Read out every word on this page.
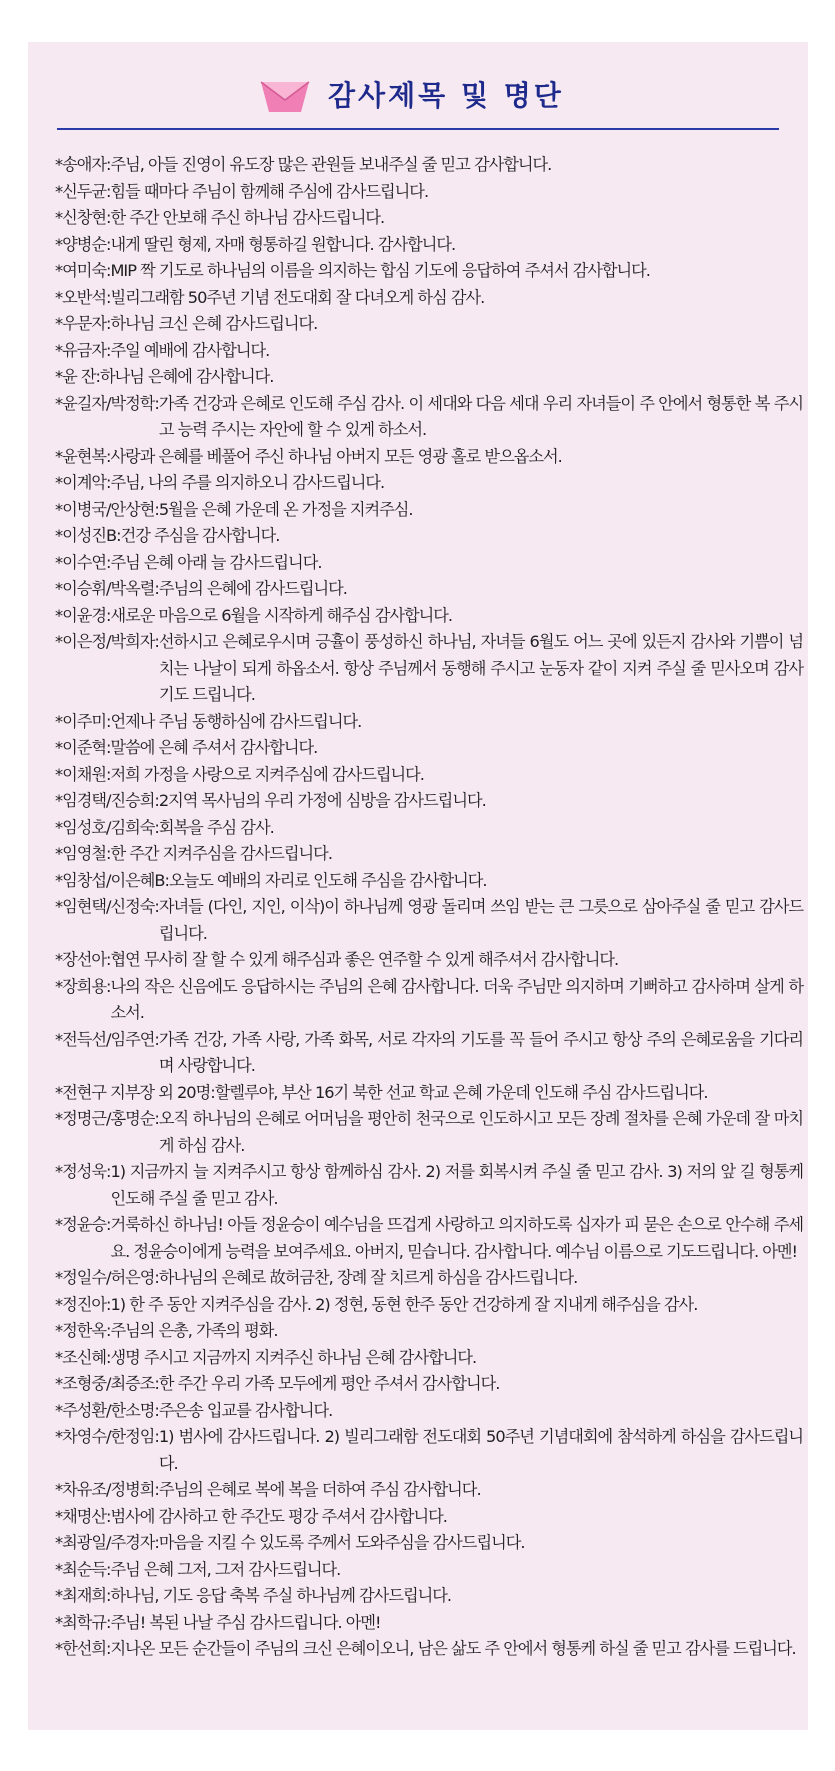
감사제목 및 명단
*송애자: 주님, 아들 진영이 유도장 많은 관원들 보내주실 줄 믿고 감사합니다.
*신두균: 힘들 때마다 주님이 함께해 주심에 감사드립니다.
*신창현: 한 주간 안보해 주신 하나님 감사드립니다.
*양병순: 내게 딸린 형제, 자매 형통하길 원합니다. 감사합니다.
*여미숙: MIP 짝 기도로 하나님의 이름을 의지하는 합심 기도에 응답하여 주셔서 감사합니다.
*오반석: 빌리그래함 50주년 기념 전도대회 잘 다녀오게 하심 감사.
*우문자: 하나님 크신 은혜 감사드립니다.
*유금자: 주일 예배에 감사합니다.
*윤 잔: 하나님 은혜에 감사합니다.
*윤길자/박정학: 가족 건강과 은혜로 인도해 주심 감사. 이 세대와 다음 세대 우리 자녀들이 주 안에서 형통한 복 주시고 능력 주시는 자안에 할 수 있게 하소서.
*윤현복: 사랑과 은혜를 베풀어 주신 하나님 아버지 모든 영광 홀로 받으옵소서.
*이계악: 주님, 나의 주를 의지하오니 감사드립니다.
*이병국/안상현: 5월을 은혜 가운데 온 가정을 지켜주심.
*이성진B: 건강 주심을 감사합니다.
*이수연: 주님 은혜 아래 늘 감사드립니다.
*이승휘/박옥렬: 주님의 은혜에 감사드립니다.
*이윤경: 새로운 마음으로 6월을 시작하게 해주심 감사합니다.
*이은정/박희자: 선하시고 은혜로우시며 긍휼이 풍성하신 하나님, 자녀들 6월도 어느 곳에 있든지 감사와 기쁨이 넘치는 나날이 되게 하옵소서. 항상 주님께서 동행해 주시고 눈동자 같이 지켜 주실 줄 믿사오며 감사 기도 드립니다.
*이주미: 언제나 주님 동행하심에 감사드립니다.
*이준혁: 말씀에 은혜 주셔서 감사합니다.
*이채원: 저희 가정을 사랑으로 지켜주심에 감사드립니다.
*임경택/진승희: 2지역 목사님의 우리 가정에 심방을 감사드립니다.
*임성호/김희숙: 회복을 주심 감사.
*임영철: 한 주간 지켜주심을 감사드립니다.
*임창섭/이은혜B: 오늘도 예배의 자리로 인도해 주심을 감사합니다.
*임현택/신정숙: 자녀들 (다인, 지인, 이삭)이 하나님께 영광 돌리며 쓰임 받는 큰 그릇으로 삼아주실 줄 믿고 감사드립니다.
*장선아: 협연 무사히 잘 할 수 있게 해주심과 좋은 연주할 수 있게 해주셔서 감사합니다.
*장희용: 나의 작은 신음에도 응답하시는 주님의 은혜 감사합니다. 더욱 주님만 의지하며 기뻐하고 감사하며 살게 하소서.
*전득선/임주연: 가족 건강, 가족 사랑, 가족 화목, 서로 각자의 기도를 꼭 들어 주시고 항상 주의 은혜로움을 기다리며 사랑합니다.
*전현구 지부장 외 20명: 할렐루야, 부산 16기 북한 선교 학교 은혜 가운데 인도해 주심 감사드립니다.
*정명근/홍명순: 오직 하나님의 은혜로 어머님을 평안히 천국으로 인도하시고 모든 장례 절차를 은혜 가운데 잘 마치게 하심 감사.
*정성욱: 1) 지금까지 늘 지켜주시고 항상 함께하심 감사. 2) 저를 회복시켜 주실 줄 믿고 감사. 3) 저의 앞 길 형통케 인도해 주실 줄 믿고 감사.
*정윤승: 거룩하신 하나님! 아들 정윤승이 예수님을 뜨겁게 사랑하고 의지하도록 십자가 피 묻은 손으로 안수해 주세요. 정윤승이에게 능력을 보여주세요. 아버지, 믿습니다. 감사합니다. 예수님 이름으로 기도드립니다. 아멘!
*정일수/허은영: 하나님의 은혜로 故허금찬, 장례 잘 치르게 하심을 감사드립니다.
*정진아: 1) 한 주 동안 지켜주심을 감사. 2) 정현, 동현 한주 동안 건강하게 잘 지내게 해주심을 감사.
*정한옥: 주님의 은총, 가족의 평화.
*조신혜: 생명 주시고 지금까지 지켜주신 하나님 은혜 감사합니다.
*조형중/최증조: 한 주간 우리 가족 모두에게 평안 주셔서 감사합니다.
*주성환/한소명: 주은송 입교를 감사합니다.
*차영수/한정임: 1) 범사에 감사드립니다. 2) 빌리그래함 전도대회 50주년 기념대회에 참석하게 하심을 감사드립니다.
*차유조/정병희: 주님의 은혜로 복에 복을 더하여 주심 감사합니다.
*채명산: 범사에 감사하고 한 주간도 평강 주셔서 감사합니다.
*최광일/주경자: 마음을 지킬 수 있도록 주께서 도와주심을 감사드립니다.
*최순득: 주님 은혜 그저, 그저 감사드립니다.
*최재희: 하나님, 기도 응답 축복 주실 하나님께 감사드립니다.
*최학규: 주님! 복된 나날 주심 감사드립니다. 아멘!
*한선희: 지나온 모든 순간들이 주님의 크신 은혜이오니, 남은 삶도 주 안에서 형통케 하실 줄 믿고 감사를 드립니다.
